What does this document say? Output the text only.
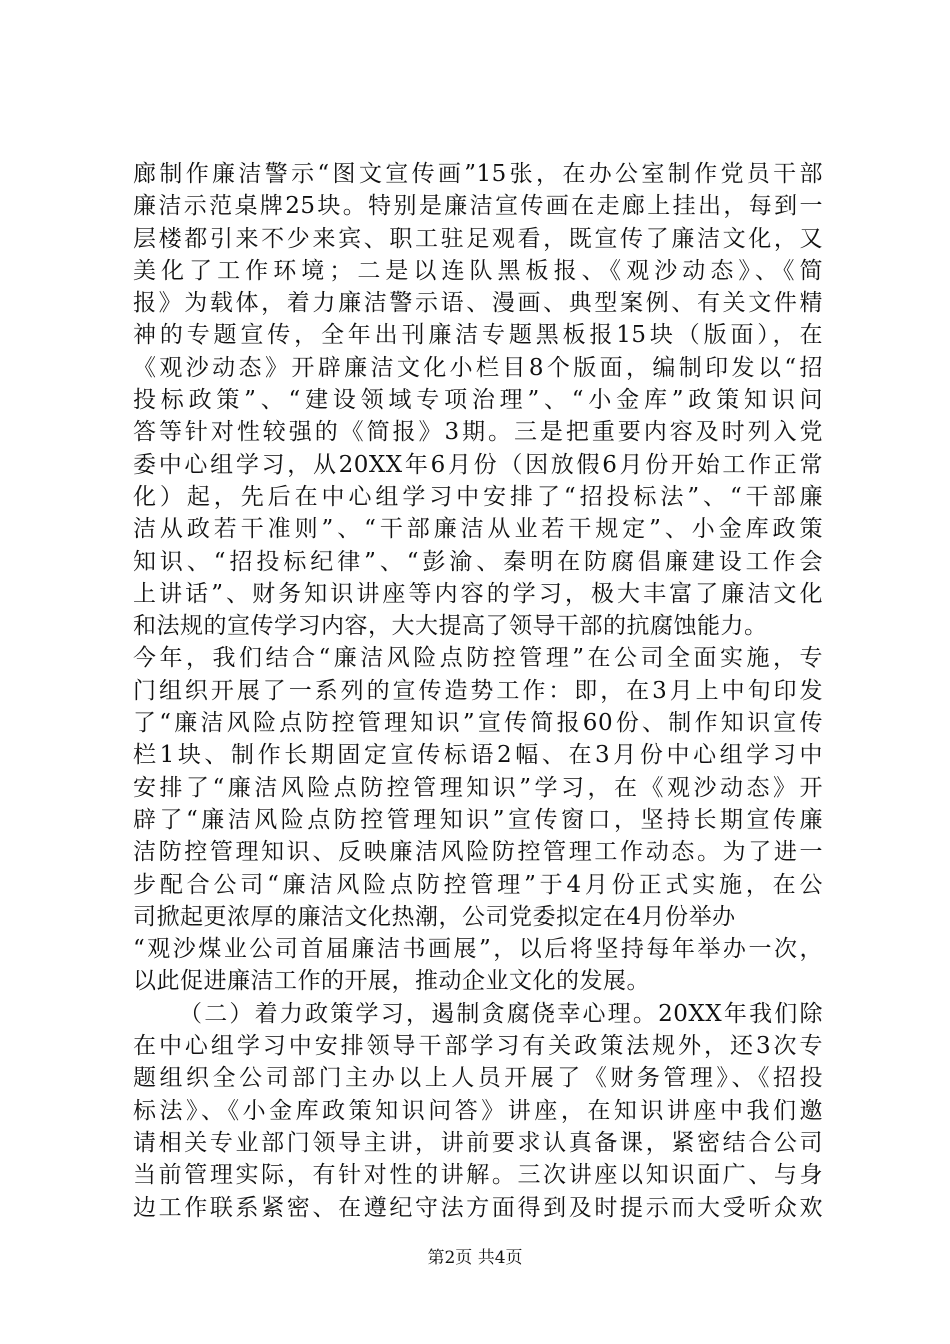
廊制作廉洁警示“图文宣传画”15张，在办公室制作党员干部
廉洁示范桌牌25块。特别是廉洁宣传画在走廊上挂出，每到一
层楼都引来不少来宾、职工驻足观看，既宣传了廉洁文化，又
美化了工作环境；二是以连队黑板报、《观沙动态》、《简
报》为载体，着力廉洁警示语、漫画、典型案例、有关文件精
神的专题宣传，全年出刊廉洁专题黑板报15块（版面），在
《观沙动态》开辟廉洁文化小栏目8个版面，编制印发以“招
投标政策”、“建设领域专项治理”、“小金库”政策知识问
答等针对性较强的《简报》3期。三是把重要内容及时列入党
委中心组学习，从20XX年6月份（因放假6月份开始工作正常
化）起，先后在中心组学习中安排了“招投标法”、“干部廉
洁从政若干准则”、“干部廉洁从业若干规定”、小金库政策
知识、“招投标纪律”、“彭渝、秦明在防腐倡廉建设工作会
上讲话”、财务知识讲座等内容的学习，极大丰富了廉洁文化
和法规的宣传学习内容，大大提高了领导干部的抗腐蚀能力。
今年，我们结合“廉洁风险点防控管理”在公司全面实施，专
门组织开展了一系列的宣传造势工作：即，在3月上中旬印发
了“廉洁风险点防控管理知识”宣传简报60份、制作知识宣传
栏1块、制作长期固定宣传标语2幅、在3月份中心组学习中
安排了“廉洁风险点防控管理知识”学习，在《观沙动态》开
辟了“廉洁风险点防控管理知识”宣传窗口，坚持长期宣传廉
洁防控管理知识、反映廉洁风险防控管理工作动态。为了进一
步配合公司“廉洁风险点防控管理”于4月份正式实施，在公
司掀起更浓厚的廉洁文化热潮，公司党委拟定在4月份举办
“观沙煤业公司首届廉洁书画展”，以后将坚持每年举办一次，
以此促进廉洁工作的开展，推动企业文化的发展。
（二）着力政策学习，遏制贪腐侥幸心理。20XX年我们除
在中心组学习中安排领导干部学习有关政策法规外，还3次专
题组织全公司部门主办以上人员开展了《财务管理》、《招投
标法》、《小金库政策知识问答》讲座，在知识讲座中我们邀
请相关专业部门领导主讲，讲前要求认真备课，紧密结合公司
当前管理实际，有针对性的讲解。三次讲座以知识面广、与身
边工作联系紧密、在遵纪守法方面得到及时提示而大受听众欢
第2页 共4页
